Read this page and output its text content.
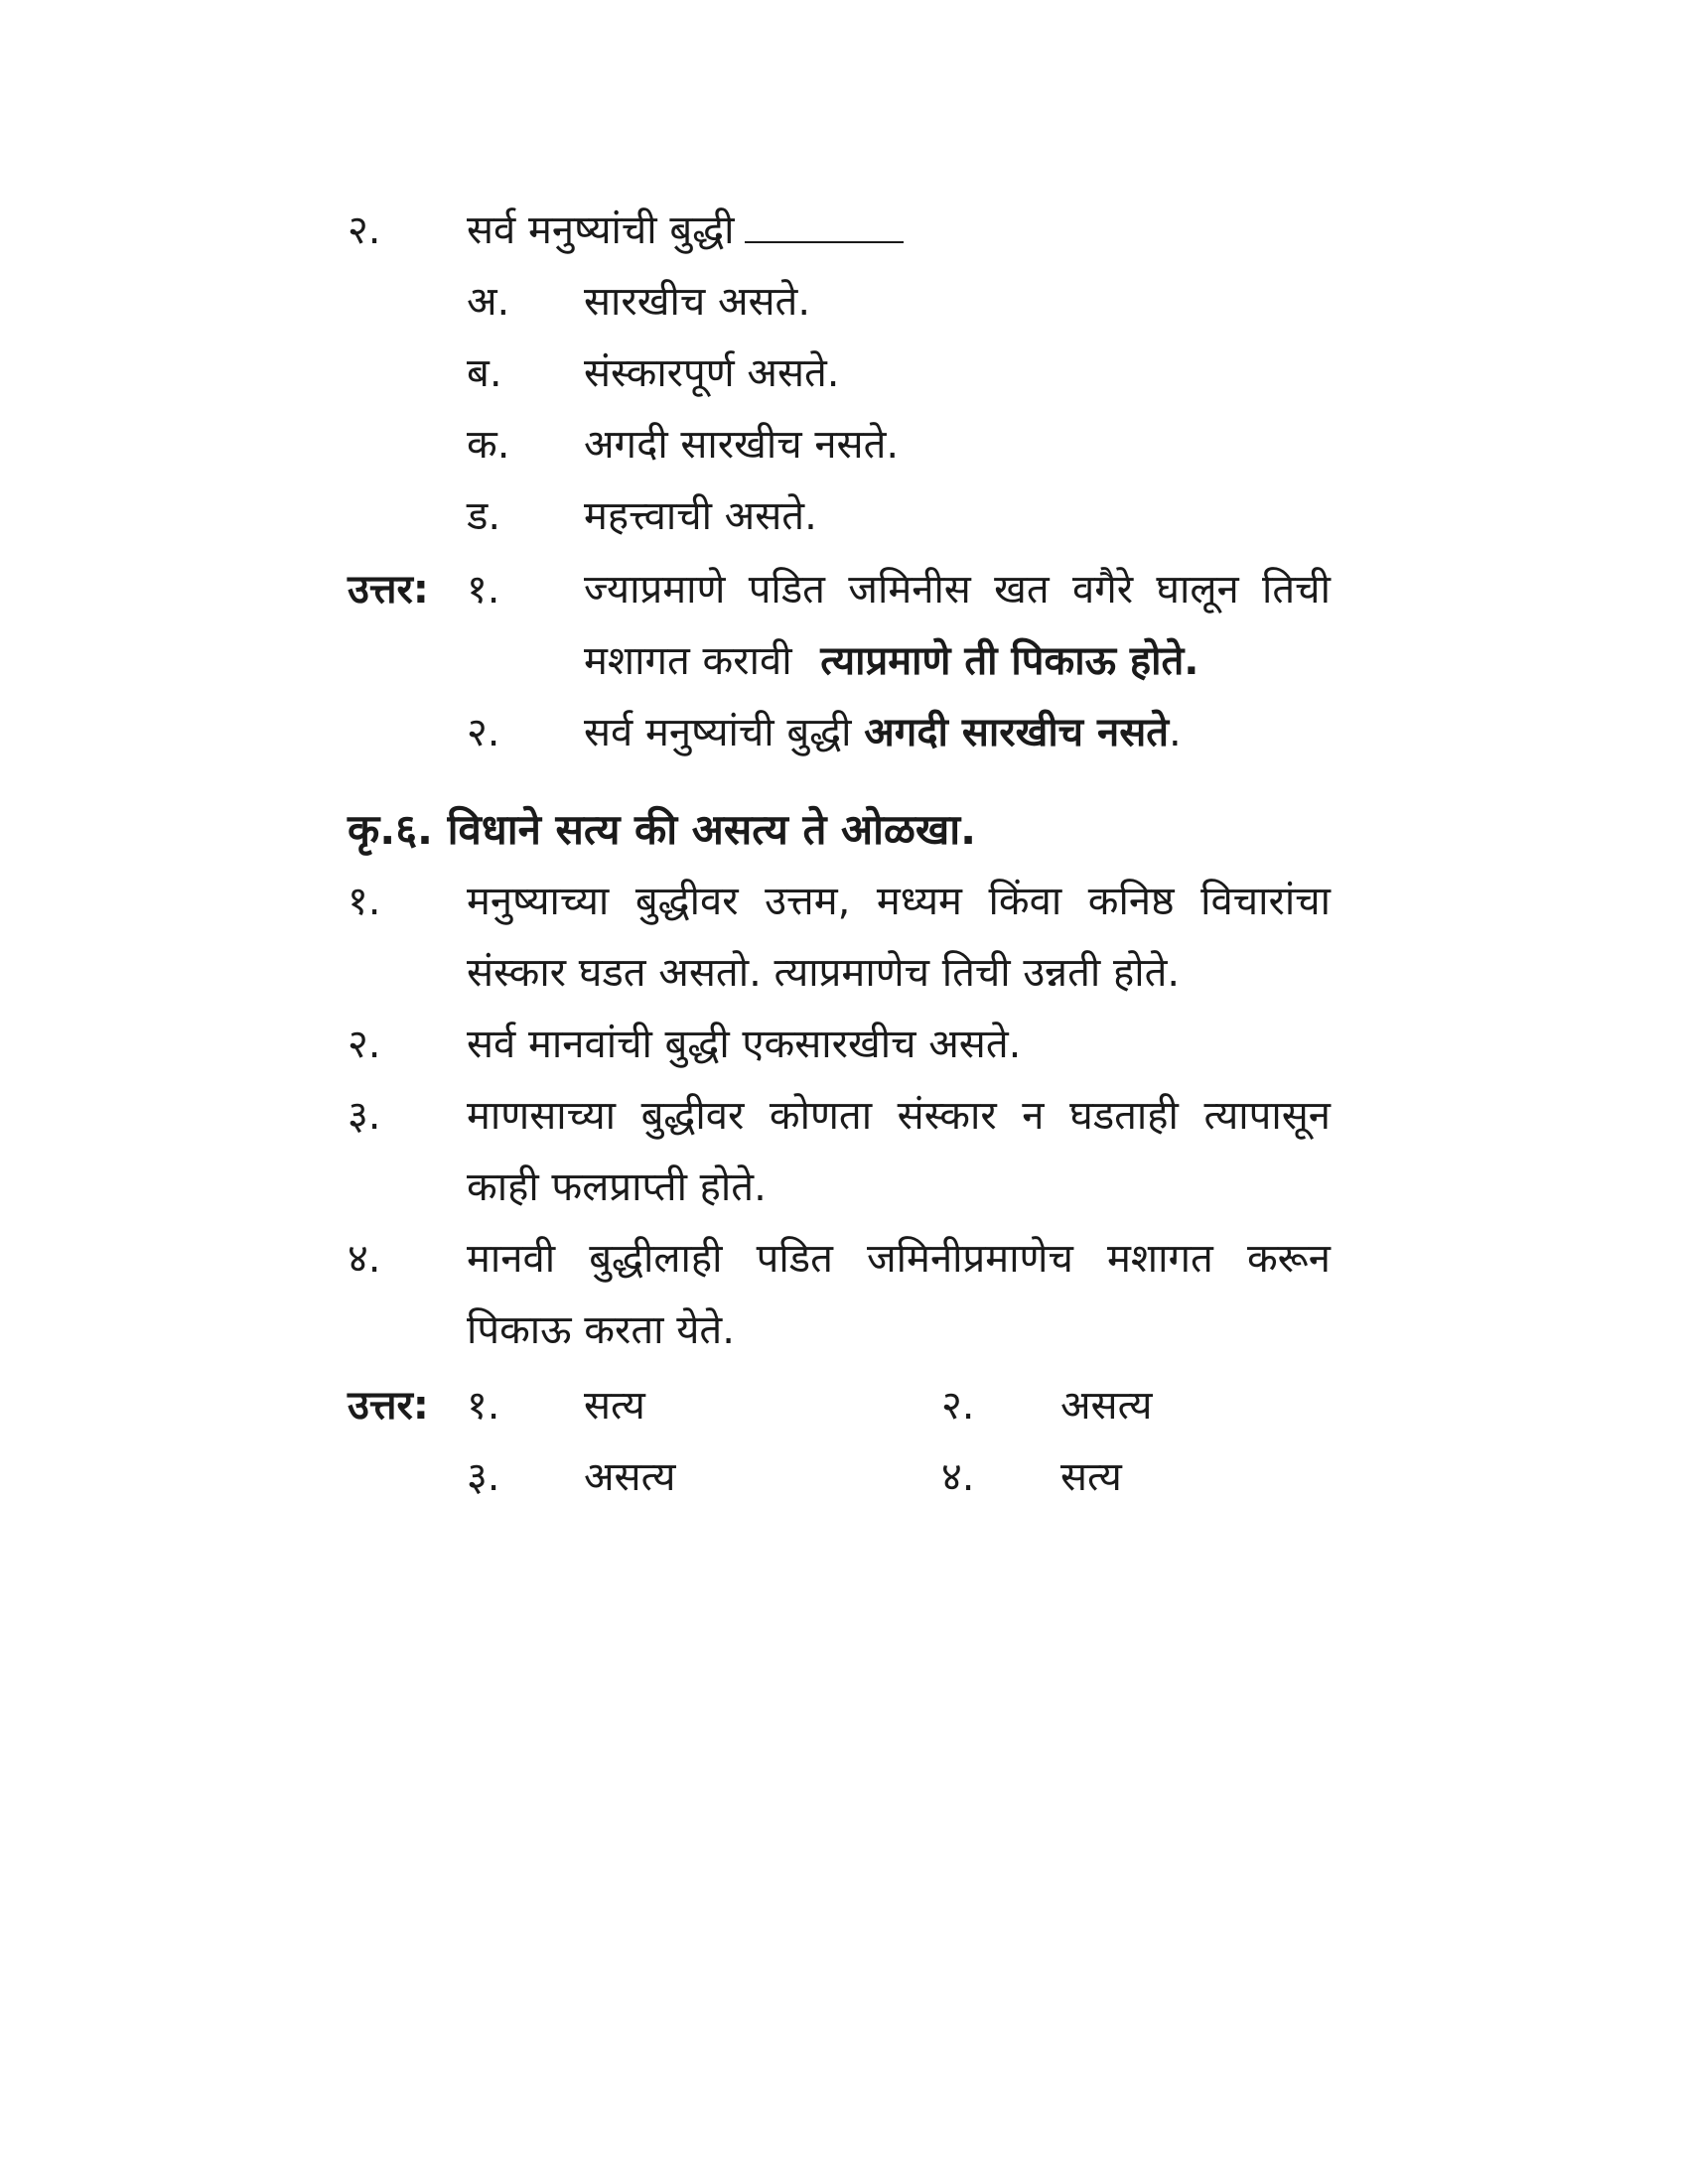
२. सर्व मनुष्यांची बुद्धी
अ. सारखीच असते.
ब. संस्कारपूर्ण असते.
क. अगदी सारखीच नसते.
ड. महत्त्वाची असते.
उत्तर: १. ज्याप्रमाणे पडित जमिनीस खत वगैरे घालून तिची
मशागत करावी त्याप्रमाणे ती पिकाऊ होते.
२. सर्व मनुष्यांची बुद्धी अगदी सारखीच नसते.
कृ.६. विधाने सत्य की असत्य ते ओळखा.
१. मनुष्याच्या बुद्धीवर उत्तम, मध्यम किंवा कनिष्ठ विचारांचा
संस्कार घडत असतो. त्याप्रमाणेच तिची उन्नती होते.
२. सर्व मानवांची बुद्धी एकसारखीच असते.
३. माणसाच्या बुद्धीवर कोणता संस्कार न घडताही त्यापासून
काही फलप्राप्ती होते.
४. मानवी बुद्धीलाही पडित जमिनीप्रमाणेच मशागत करून
पिकाऊ करता येते.
उत्तर: १. सत्य	२. असत्य
३. असत्य	४. सत्य
